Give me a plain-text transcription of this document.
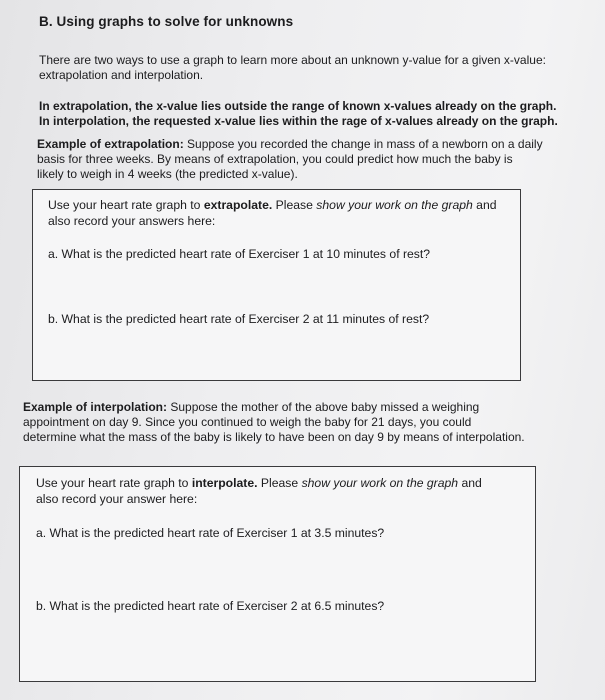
B. Using graphs to solve for unknowns
There are two ways to use a graph to learn more about an unknown y-value for a given x-value:
extrapolation and interpolation.
In extrapolation, the x-value lies outside the range of known x-values already on the graph.
In interpolation, the requested x-value lies within the rage of x-values already on the graph.
Example of extrapolation: Suppose you recorded the change in mass of a newborn on a daily
basis for three weeks. By means of extrapolation, you could predict how much the baby is
likely to weigh in 4 weeks (the predicted x-value).
Use your heart rate graph to extrapolate. Please show your work on the graph and
also record your answers here:
a. What is the predicted heart rate of Exerciser 1 at 10 minutes of rest?
b. What is the predicted heart rate of Exerciser 2 at 11 minutes of rest?
Example of interpolation: Suppose the mother of the above baby missed a weighing
appointment on day 9. Since you continued to weigh the baby for 21 days, you could
determine what the mass of the baby is likely to have been on day 9 by means of interpolation.
Use your heart rate graph to interpolate. Please show your work on the graph and
also record your answer here:
a. What is the predicted heart rate of Exerciser 1 at 3.5 minutes?
b. What is the predicted heart rate of Exerciser 2 at 6.5 minutes?
